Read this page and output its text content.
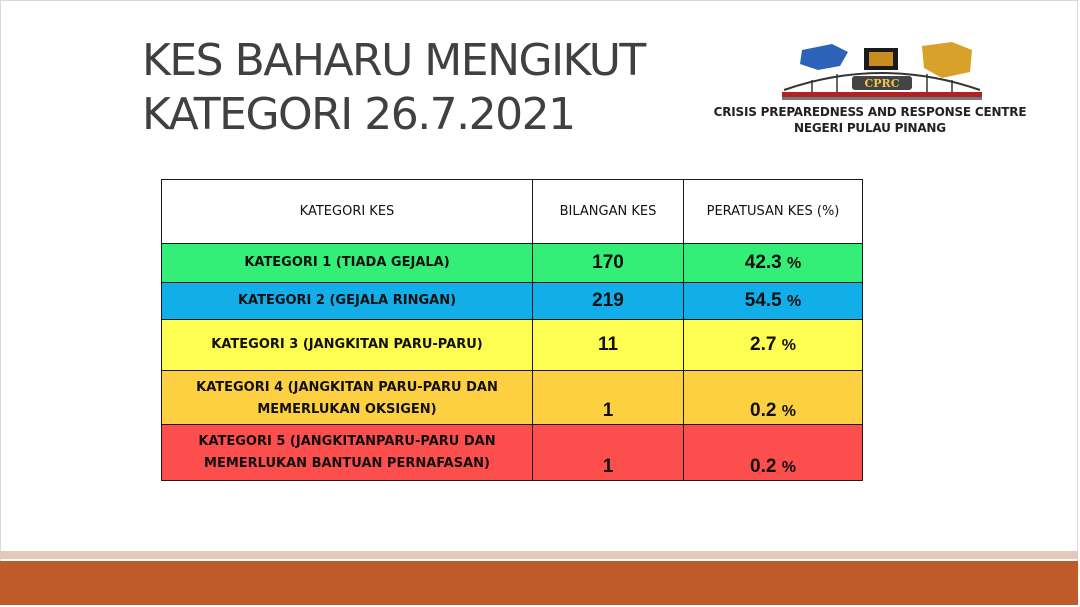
KES BAHARU MENGIKUT
KATEGORI 26.7.2021
CPRC
CRISIS PREPAREDNESS AND RESPONSE CENTRE
NEGERI PULAU PINANG
KATEGORI KES	BILANGAN KES	PERATUSAN KES (%)
KATEGORI 1 (TIADA GEJALA)	170	42.3 %
KATEGORI 2 (GEJALA RINGAN)	219	54.5 %
KATEGORI 3 (JANGKITAN PARU-PARU)	11	2.7 %

KATEGORI 4 (JANGKITAN PARU-PARU DAN
MEMERLUKAN OKSIGEN)	1	0.2 %

KATEGORI 5 (JANGKITANPARU-PARU DAN
MEMERLUKAN BANTUAN PERNAFASAN)	1	0.2 %
